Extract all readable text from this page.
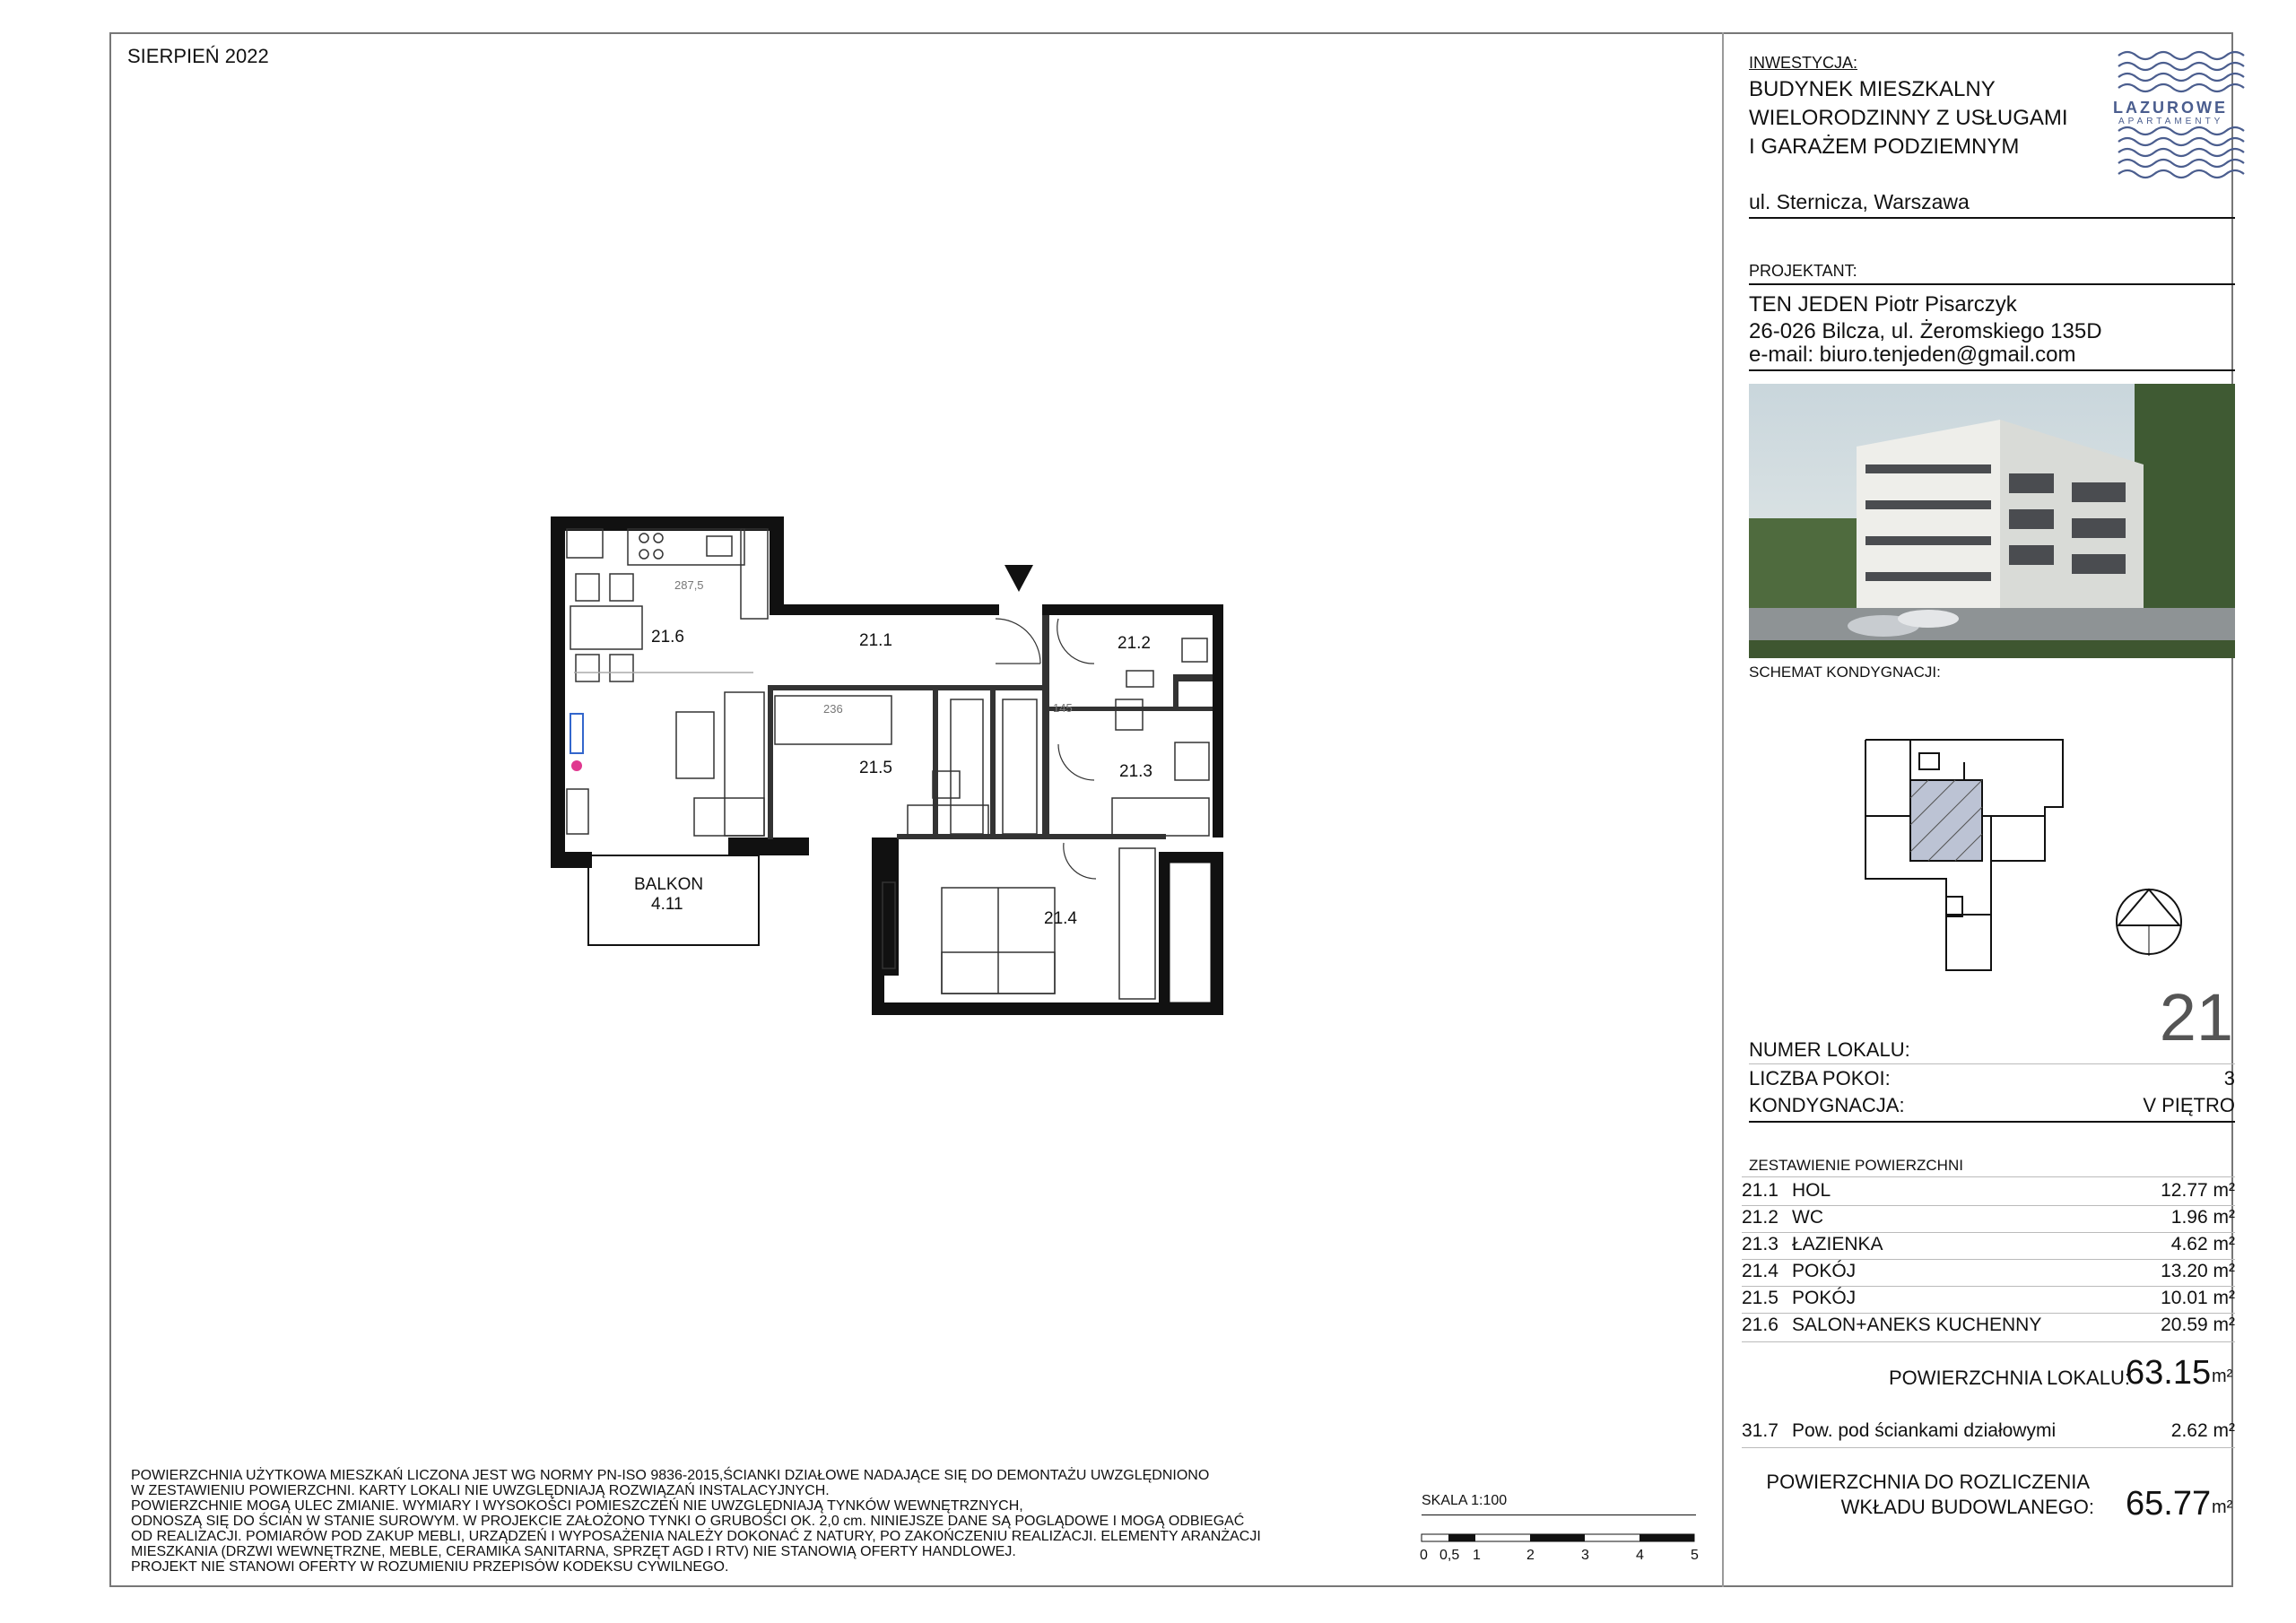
SIERPIEŃ 2022
21.6	21.1	21.2
21.5	21.3
21.4
BALKON
4.11
287,5
236	145
INWESTYCJA:
BUDYNEK MIESZKALNY
WIELORODZINNY Z USŁUGAMI
I GARAŻEM PODZIEMNYM
ul. Sternicza, Warszawa
LAZUROWE
APARTAMENTY
PROJEKTANT:
TEN JEDEN Piotr Pisarczyk
26-026 Bilcza, ul. Żeromskiego 135D
e-mail: biuro.tenjeden@gmail.com
SCHEMAT KONDYGNACJI:
21
NUMER LOKALU:
LICZBA POKOI:	3
KONDYGNACJA:	V PIĘTRO
ZESTAWIENIE POWIERZCHNI
21.1 HOL	12.77 m²
21.2 WC	1.96 m²
21.3 ŁAZIENKA	4.62 m²
21.4 POKÓJ	13.20 m²
21.5 POKÓJ	10.01 m²
21.6 SALON+ANEKS KUCHENNY	20.59 m²
POWIERZCHNIA LOKALU:
63.15 m²
31.7 Pow. pod ściankami działowymi	2.62 m²
POWIERZCHNIA DO ROZLICZENIA
WKŁADU BUDOWLANEGO: 65.77 m²
SKALA 1:100
0 0,5 1	2	3	4	5
POWIERZCHNIA UŻYTKOWA MIESZKAŃ LICZONA JEST WG NORMY PN-ISO 9836-2015,ŚCIANKI DZIAŁOWE NADAJĄCE SIĘ DO DEMONTAŻU UWZGLĘDNIONO
W ZESTAWIENIU POWIERZCHNI. KARTY LOKALI NIE UWZGLĘDNIAJĄ ROZWIĄZAŃ INSTALACYJNYCH.
POWIERZCHNIE MOGĄ ULEC ZMIANIE. WYMIARY I WYSOKOŚCI POMIESZCZEŃ NIE UWZGLĘDNIAJĄ TYNKÓW WEWNĘTRZNYCH,
ODNOSZĄ SIĘ DO ŚCIAN W STANIE SUROWYM. W PROJEKCIE ZAŁOŻONO TYNKI O GRUBOŚCI OK. 2,0 cm. NINIEJSZE DANE SĄ POGLĄDOWE I MOGĄ ODBIEGAĆ
OD REALIZACJI. POMIARÓW POD ZAKUP MEBLI, URZĄDZEŃ I WYPOSAŻENIA NALEŻY DOKONAĆ Z NATURY, PO ZAKOŃCZENIU REALIZACJI. ELEMENTY ARANŻACJI
MIESZKANIA (DRZWI WEWNĘTRZNE, MEBLE, CERAMIKA SANITARNA, SPRZĘT AGD I RTV) NIE STANOWIĄ OFERTY HANDLOWEJ.
PROJEKT NIE STANOWI OFERTY W ROZUMIENIU PRZEPISÓW KODEKSU CYWILNEGO.
